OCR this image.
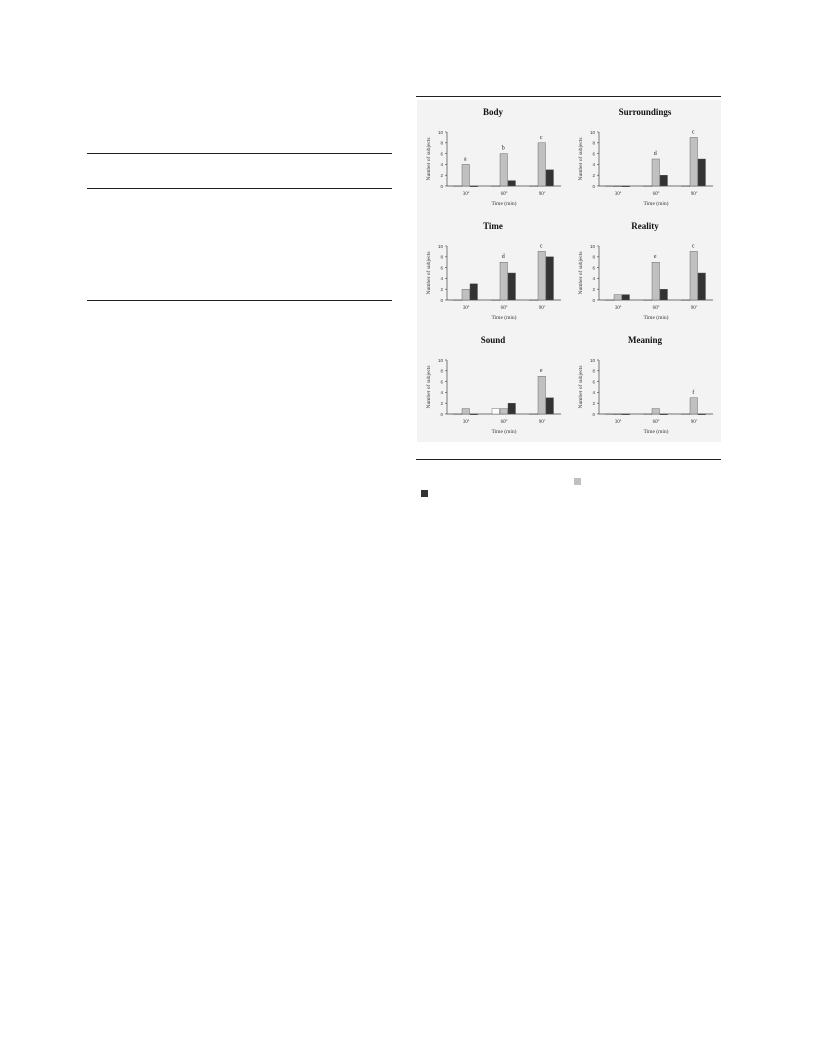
Body
0
2
4
6
8
10
Number of subjects	a
30$^a$
b
60$^b$
c
90$^c$
Time (min)
Surroundings
0
2
4
6
8
10
Number of subjects
30$^a$
d
60$^b$
c
90$^c$
Time (min)
Time
0
2
4
6
8
10
Number of subjects
30$^a$
d
60$^b$
c
90$^c$
Time (min)
Reality
0
2
4
6
8
10
Number of subjects
30$^a$
e
60$^b$
c
90$^c$
Time (min)
Sound
0
2
4
6
8
10
Number of subjects
30$^a$	60$^b$
e
90$^c$
Time (min)
Meaning
0
2
4
6
8
10
Number of subjects
30$^a$	60$^b$
f
90$^c$
Time (min)
